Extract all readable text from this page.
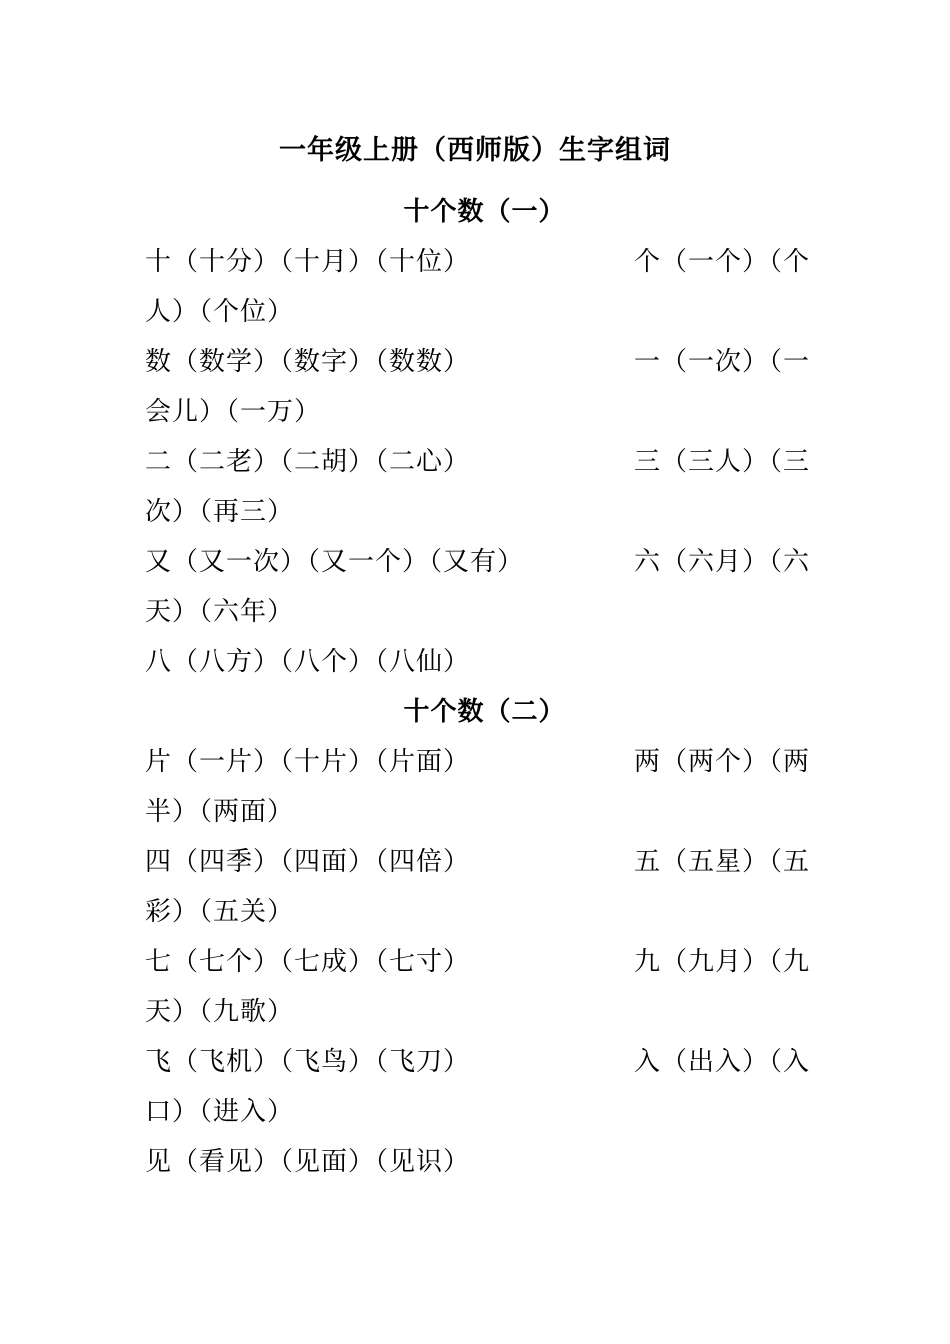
一年级上册（西师版）生字组词
十个数（一）
十（十分）（十月）（十位）	个（一个）（个
人）（个位）
数（数学）（数字）（数数）	一（一次）（一
会儿）（一万）
二（二老）（二胡）（二心）	三（三人）（三
次）（再三）
又（又一次）（又一个）（又有）	六（六月）（六
天）（六年）
八（八方）（八个）（八仙）
十个数（二）
片（一片）（十片）（片面）	两（两个）（两
半）（两面）
四（四季）（四面）（四倍）	五（五星）（五
彩）（五关）
七（七个）（七成）（七寸）	九（九月）（九
天）（九歌）
飞（飞机）（飞鸟）（飞刀）	入（出入）（入
口）（进入）
见（看见）（见面）（见识）
